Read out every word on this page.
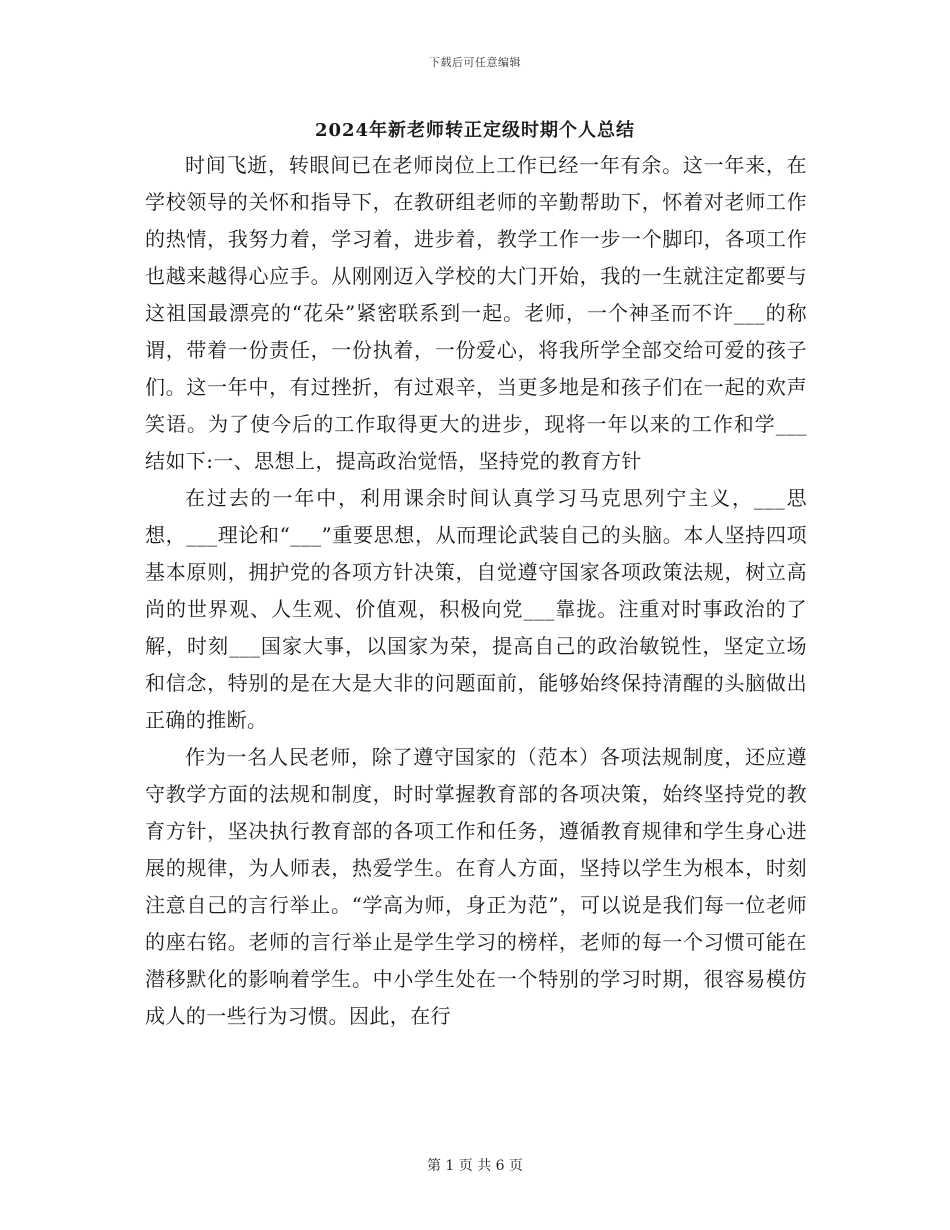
下载后可任意编辑
2024年新老师转正定级时期个人总结

时间飞逝，转眼间已在老师岗位上工作已经一年有余。这一年来，在学校领导的关怀和指导下，在教研组老师的辛勤帮助下，怀着对老师工作的热情，我努力着，学习着，进步着，教学工作一步一个脚印，各项工作也越来越得心应手。从刚刚迈入学校的大门开始，我的一生就注定都要与这祖国最漂亮的“花朵”紧密联系到一起。老师，一个神圣而不许___的称谓，带着一份责任，一份执着，一份爱心，将我所学全部交给可爱的孩子们。这一年中，有过挫折，有过艰辛，当更多地是和孩子们在一起的欢声笑语。为了使今后的工作取得更大的进步，现将一年以来的工作和学___结如下:一、思想上，提高政治觉悟，坚持党的教育方针

在过去的一年中，利用课余时间认真学习马克思列宁主义，___思想，___理论和“___”重要思想，从而理论武装自己的头脑。本人坚持四项基本原则，拥护党的各项方针决策，自觉遵守国家各项政策法规，树立高尚的世界观、人生观、价值观，积极向党___靠拢。注重对时事政治的了解，时刻___国家大事，以国家为荣，提高自己的政治敏锐性，坚定立场和信念，特别的是在大是大非的问题面前，能够始终保持清醒的头脑做出正确的推断。

作为一名人民老师，除了遵守国家的（范本）各项法规制度，还应遵守教学方面的法规和制度，时时掌握教育部的各项决策，始终坚持党的教育方针，坚决执行教育部的各项工作和任务，遵循教育规律和学生身心进展的规律，为人师表，热爱学生。在育人方面，坚持以学生为根本，时刻注意自己的言行举止。“学高为师，身正为范”，可以说是我们每一位老师的座右铭。老师的言行举止是学生学习的榜样，老师的每一个习惯可能在潜移默化的影响着学生。中小学生处在一个特别的学习时期，很容易模仿成人的一些行为习惯。因此，在行

第 1 页 共 6 页
